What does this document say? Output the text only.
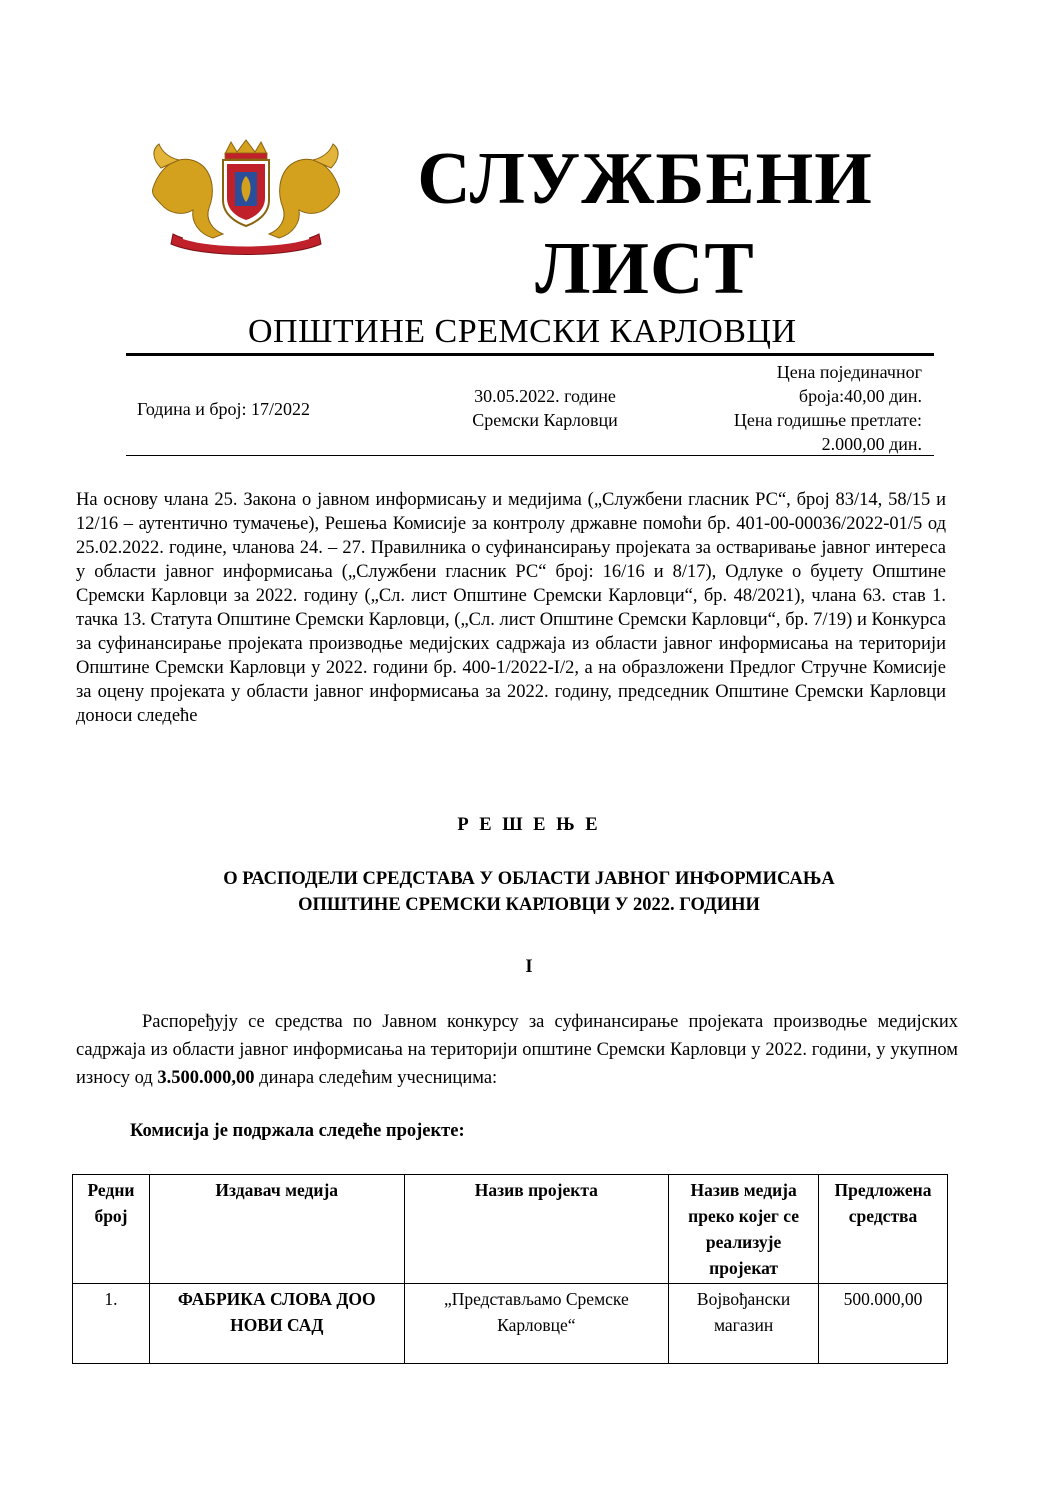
СЛУЖБЕНИ
ЛИСТ
ОПШТИНЕ СРЕМСКИ КАРЛОВЦИ
Година и број: 17/2022
30.05.2022. године
Сремски Карловци
Цена појединачног
броја:40,00 дин.
Цена годишње претлате:
2.000,00 дин.
На основу члана 25. Закона о јавном информисању и медијима („Службени гласник РС“, број 83/14, 58/15 и 12/16 – аутентично тумачење), Решења Комисије за контролу државне помоћи бр. 401-00-00036/2022-01/5 од 25.02.2022. године, чланова 24. – 27. Правилника о суфинансирању пројеката за остваривање јавног интереса у области јавног информисања („Службени гласник РС“ број: 16/16 и 8/17), Одлуке о буџету Општине Сремски Карловци за 2022. годину („Сл. лист Општине Сремски Карловци“, бр. 48/2021), члана 63. став 1. тачка 13. Статута Општине Сремски Карловци, („Сл. лист Општине Сремски Карловци“, бр. 7/19) и Конкурса за суфинансирање пројеката производње медијских садржаја из области јавног информисања на територији Општине Сремски Карловци у 2022. години бр. 400-1/2022-I/2, а на образложени Предлог Стручне Комисије за оцену пројеката у области јавног информисања за 2022. годину, председник Општине Сремски Карловци доноси следеће
Р Е Ш Е Њ Е
О РАСПОДЕЛИ СРЕДСТАВА У ОБЛАСТИ ЈАВНОГ ИНФОРМИСАЊА
ОПШТИНЕ СРЕМСКИ КАРЛОВЦИ У 2022. ГОДИНИ
I
Распоређују се средства по Јавном конкурсу за суфинансирање пројеката производње медијских садржаја из области јавног информисања на територији општине Сремски Карловци у 2022. години, у укупном износу од 3.500.000,00 динара следећим учесницима:
Комисија је подржала следеће пројекте:
Редни број	Издавач медија	Назив пројекта	Назив медија преко којег се реализује пројекат	Предложена средства
1.	ФАБРИКА СЛОВА ДОО НОВИ САД	„Представљамо Сремске Карловце“	Војвођански магазин	500.000,00
